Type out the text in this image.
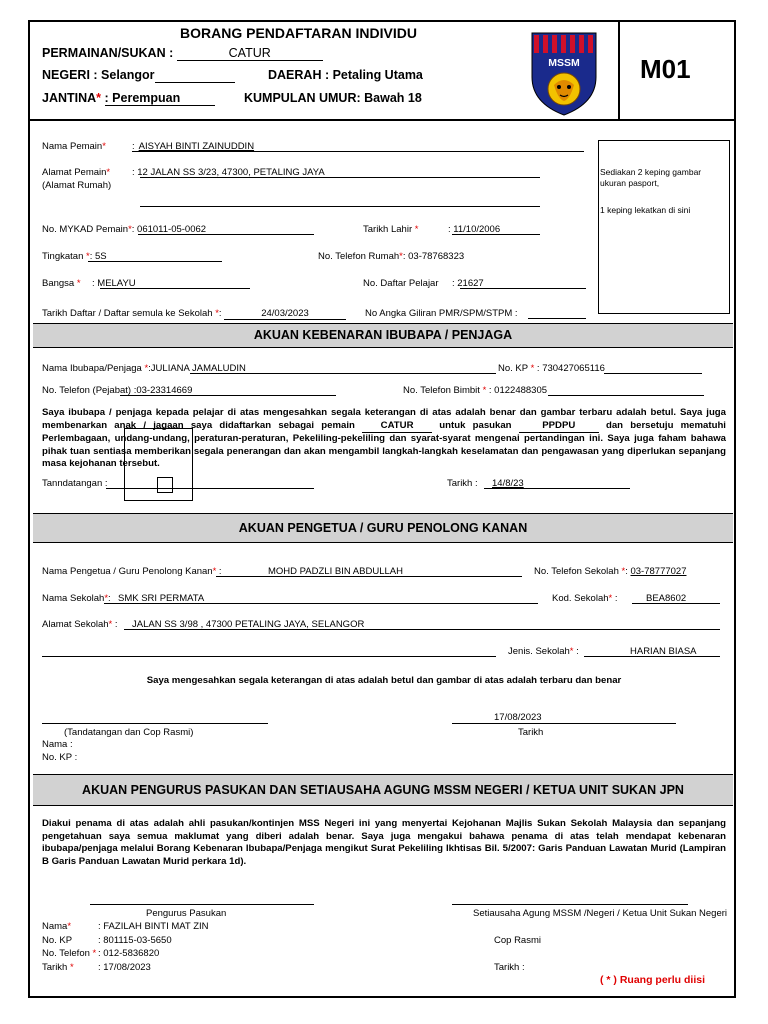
BORANG PENDAFTARAN INDIVIDU
PERMAINAN/SUKAN :	CATUR
NEGERI : Selangor	DAERAH : Petaling Utama
JANTINA* : Perempuan	KUMPULAN UMUR: Bawah 18
MSSM M01
Sediakan 2 keping gambar ukuran pasport,
1 keping lekatkan di sini
Nama Pemain*	: AISYAH BINTI ZAINUDDIN
Alamat Pemain*
(Alamat Rumah)
: 12 JALAN SS 3/23, 47300, PETALING JAYA
No. MYKAD Pemain*: 061011-05-0062	Tarikh Lahir *	: 11/10/2006
Tingkatan *: 5S	No. Telefon Rumah*: 03-78768323
Bangsa * : MELAYU	No. Daftar Pelajar : 21627
Tarikh Daftar / Daftar semula ke Sekolah *:	24/03/2023	No Angka Giliran PMR/SPM/STPM :
AKUAN KEBENARAN IBUBAPA / PENJAGA
Nama Ibubapa/Penjaga *:JULIANA JAMALUDIN	No. KP * : 730427065116
No. Telefon (Pejabat) :03-23314669	No. Telefon Bimbit * : 0122488305
Saya ibubapa / penjaga kepada pelajar di atas mengesahkan segala keterangan di atas adalah benar dan gambar terbaru adalah betul. Saya juga membenarkan anak / jagaan saya didaftarkan sebagai pemain	CATUR	untuk pasukan	PPDPU	dan bersetuju mematuhi Perlembagaan, undang-undang, peraturan-peraturan, Pekeliling-pekeliling dan syarat-syarat mengenai pertandingan ini. Saya juga faham bahawa pihak tuan sentiasa memberikan segala penerangan dan akan mengambil langkah-langkah keselamatan dan pengawasan yang diperlukan sepanjang masa kejohanan tersebut.
Tanndatangan :	Tarikh : 14/8/23
AKUAN PENGETUA / GURU PENOLONG KANAN
Nama Pengetua / Guru Penolong Kanan* :	MOHD PADZLI BIN ABDULLAH	No. Telefon Sekolah *: 03-78777027
Nama Sekolah*: SMK SRI PERMATA	Kod. Sekolah* :	BEA8602
Alamat Sekolah* : JALAN SS 3/98 , 47300 PETALING JAYA, SELANGOR
Jenis. Sekolah* :	HARIAN BIASA
Saya mengesahkan segala keterangan di atas adalah betul dan gambar di atas adalah terbaru dan benar
(Tandatangan dan Cop Rasmi)
17/08/2023
Tarikh
Nama :
No. KP :
AKUAN PENGURUS PASUKAN DAN SETIAUSAHA AGUNG MSSM NEGERI / KETUA UNIT SUKAN JPN
Diakui penama di atas adalah ahli pasukan/kontinjen MSS Negeri ini yang menyertai Kejohanan Majlis Sukan Sekolah Malaysia dan sepanjang pengetahuan saya semua maklumat yang diberi adalah benar. Saya juga mengakui bahawa penama di atas telah mendapat kebenaran ibubapa/penjaga melalui Borang Kebenaran Ibubapa/Penjaga mengikut Surat Pekeliling Ikhtisas Bil. 5/2007: Garis Panduan Lawatan Murid (Lampiran B Garis Panduan Lawatan Murid perkara 1d).
Pengurus Pasukan	Setiausaha Agung MSSM /Negeri / Ketua Unit Sukan Negeri
Nama*	: FAZILAH BINTI MAT ZIN
No. KP	: 801115-03-5650
No. Telefon * : 012-5836820
Tarikh *	: 17/08/2023
Cop Rasmi
Tarikh :
( * ) Ruang perlu diisi
